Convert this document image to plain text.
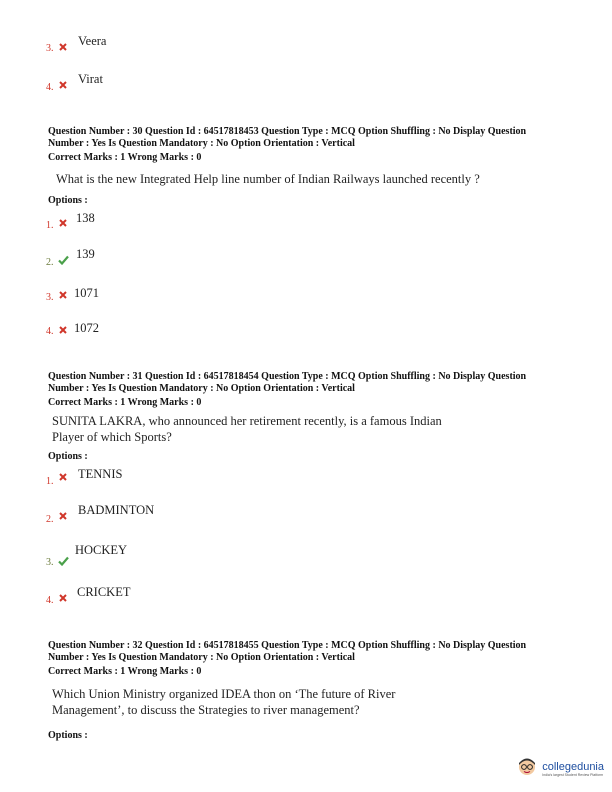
3.
Veera
4.
Virat
Question Number : 30 Question Id : 64517818453 Question Type : MCQ Option Shuffling : No Display Question
Number : Yes Is Question Mandatory : No Option Orientation : Vertical
Correct Marks : 1 Wrong Marks : 0
What is the new Integrated Help line number of Indian Railways launched recently ?
Options :
1.
138
2.
139
3. 1071
4. 1072
Question Number : 31 Question Id : 64517818454 Question Type : MCQ Option Shuffling : No Display Question
Number : Yes Is Question Mandatory : No Option Orientation : Vertical
Correct Marks : 1 Wrong Marks : 0
SUNITA LAKRA, who announced her retirement recently, is a famous Indian
Player of which Sports?
Options :
1.
TENNIS
2.
BADMINTON
3.
HOCKEY
4.
CRICKET
Question Number : 32 Question Id : 64517818455 Question Type : MCQ Option Shuffling : No Display Question
Number : Yes Is Question Mandatory : No Option Orientation : Vertical
Correct Marks : 1 Wrong Marks : 0
Which Union Ministry organized IDEA thon on ‘The future of River
Management’, to discuss the Strategies to river management?
Options :
collegedunia
India's largest Student Review Platform
